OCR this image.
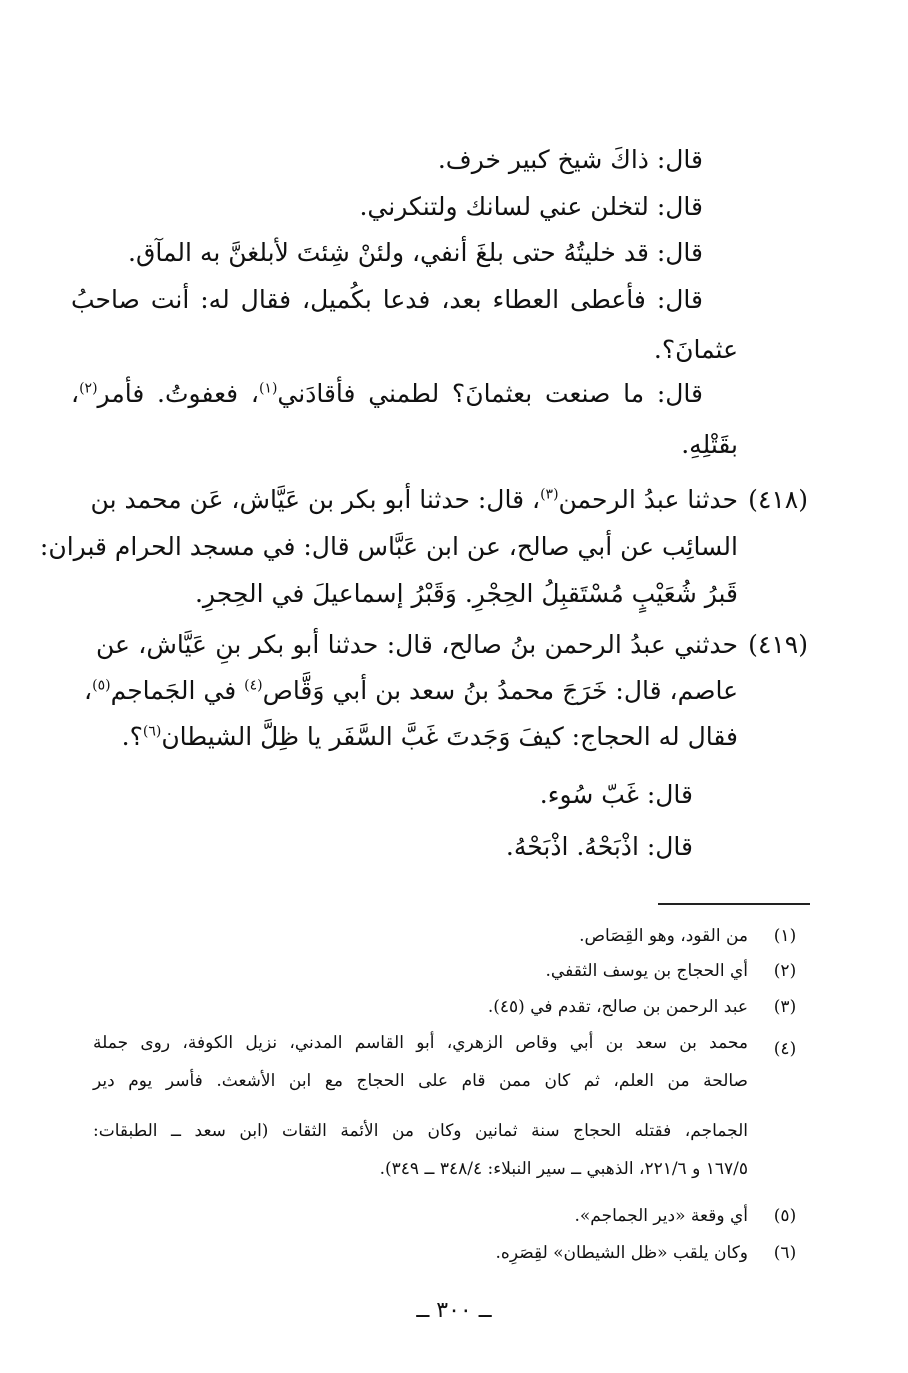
قال: ذاكَ شيخ كبير خرف.
قال: لتخلن عني لسانك ولتنكرني.
قال: قد خليتُهُ حتى بلغَ أنفي، ولئنْ شِئتَ لأبلغنَّ به المآق.
قال: فأعطى العطاء بعد، فدعا بكُميل، فقال له: أنت صاحبُ
عثمانَ؟.
قال: ما صنعت بعثمانَ؟ لطمني فأقادَني$^{(١)}$، فعفوتُ. فأمر$^{(٢)}$،
بقَتْلِهِ.
(٤١٨)
حدثنا عبدُ الرحمن$^{(٣)}$، قال: حدثنا أبو بكر بن عَيَّاش، عَن محمد بن
السائِب عن أبي صالح، عن ابن عَبَّاس قال: في مسجد الحرام قبران:
قَبرُ شُعَيْبٍ مُسْتَقبِلُ الحِجْرِ. وَقَبْرُ إسماعيلَ في الحِجرِ.
(٤١٩)
حدثني عبدُ الرحمن بنُ صالح، قال: حدثنا أبو بكر بنِ عَيَّاش، عن
عاصم، قال: خَرَجَ محمدُ بنُ سعد بن أبي وَقَّاص$^{(٤)}$ في الجَماجم$^{(٥)}$،
فقال له الحجاج: كيفَ وَجَدتَ غَبَّ السَّفَر يا ظِلَّ الشيطان$^{(٦)}$؟.
قال: غَبّ سُوء.
قال: اذْبَحْهُ. اذْبَحْهُ.
(١)
من القود، وهو القِصَاص.
(٢)
أي الحجاج بن يوسف الثقفي.
(٣)
عبد الرحمن بن صالح، تقدم في (٤٥).
(٤)
محمد بن سعد بن أبي وقاص الزهري، أبو القاسم المدني، نزيل الكوفة، روى جملة
صالحة من العلم، ثم كان ممن قام على الحجاج مع ابن الأشعث. فأسر يوم دير
الجماجم، فقتله الحجاج سنة ثمانين وكان من الأئمة الثقات (ابن سعد ــ الطبقات:
١٦٧/٥ و ٢٢١/٦، الذهبي ــ سير النبلاء: ٣٤٨/٤ ــ ٣٤٩).
(٥)
أي وقعة «دير الجماجم».
(٦)
وكان يلقب «ظل الشيطان» لقِصَرِه.
ــ ٣٠٠ ــ
